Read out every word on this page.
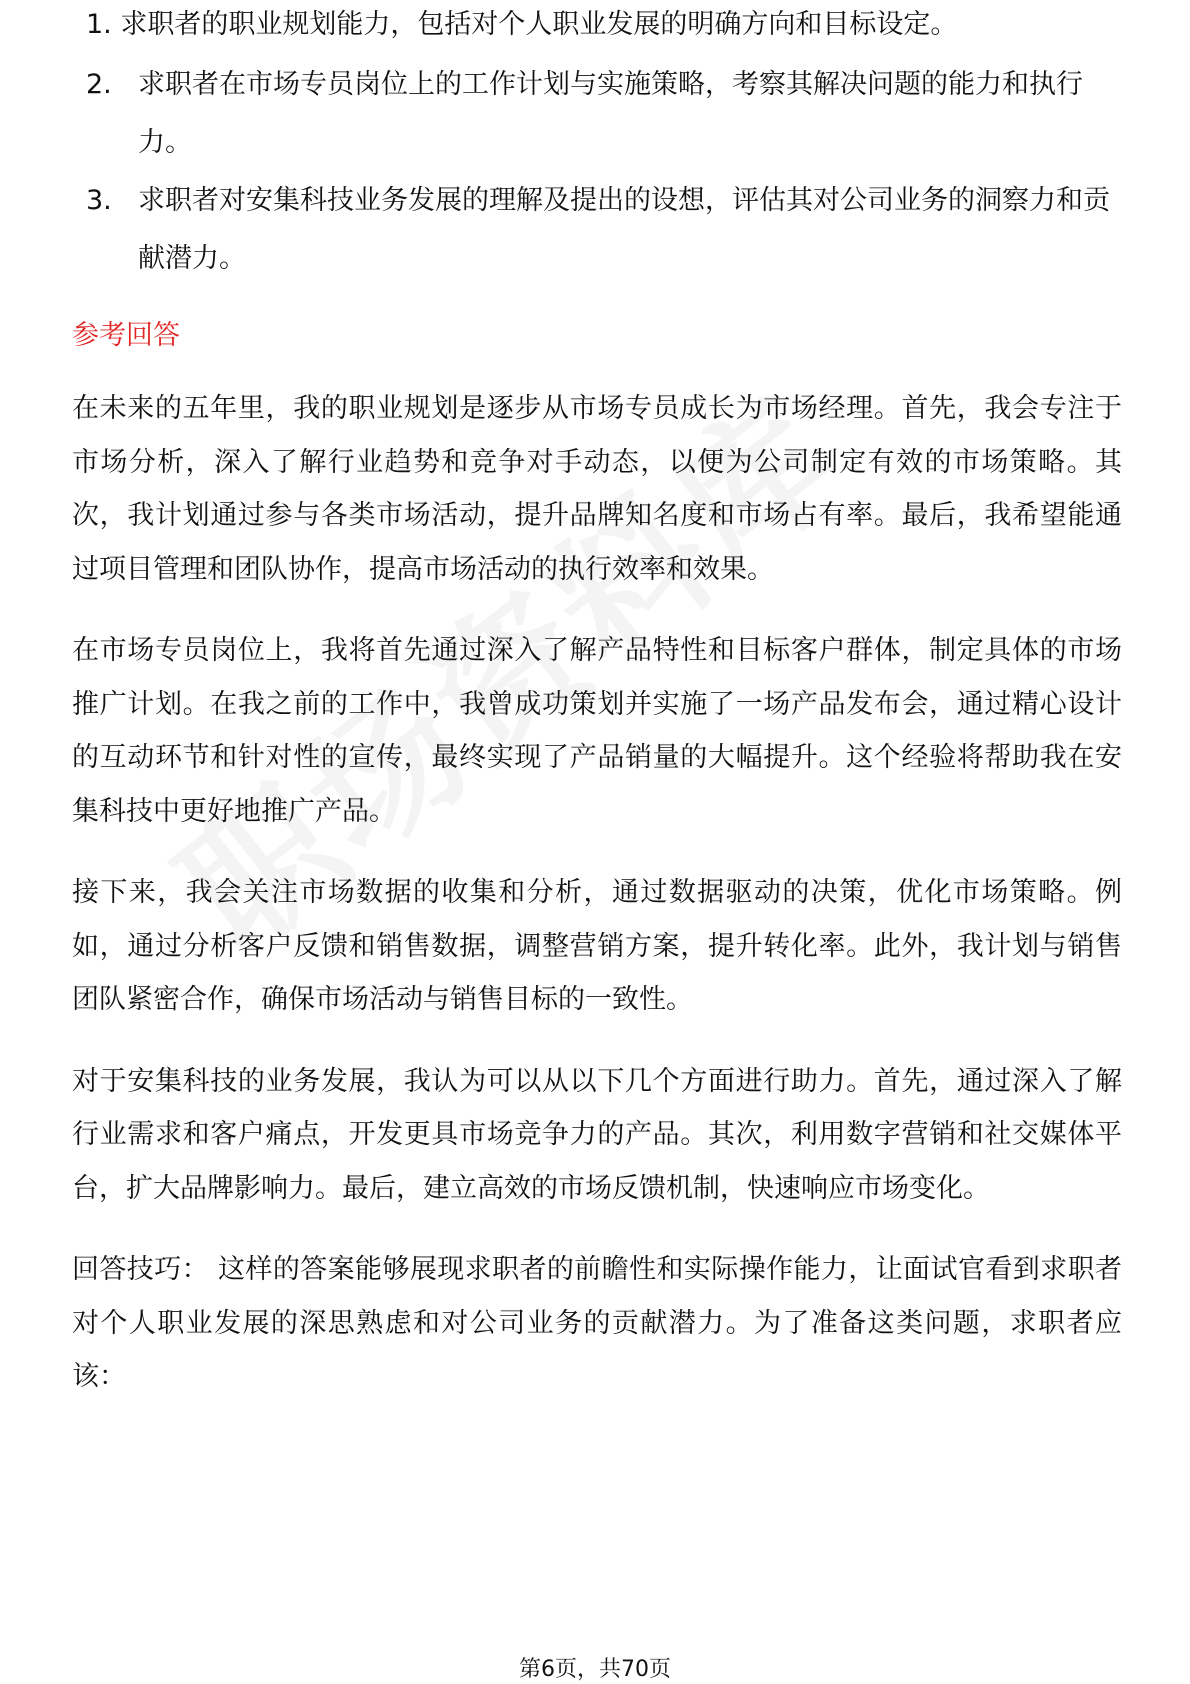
1. 求职者的职业规划能力，包括对个人职业发展的明确方向和目标设定。
2. 求职者在市场专员岗位上的工作计划与实施策略，考察其解决问题的能力和执行力。
3. 求职者对安集科技业务发展的理解及提出的设想，评估其对公司业务的洞察力和贡献潜力。
参考回答

在未来的五年里，我的职业规划是逐步从市场专员成长为市场经理。首先，我会专注于市场分析，深入了解行业趋势和竞争对手动态，以便为公司制定有效的市场策略。其次，我计划通过参与各类市场活动，提升品牌知名度和市场占有率。最后，我希望能通过项目管理和团队协作，提高市场活动的执行效率和效果。

在市场专员岗位上，我将首先通过深入了解产品特性和目标客户群体，制定具体的市场推广计划。在我之前的工作中，我曾成功策划并实施了一场产品发布会，通过精心设计的互动环节和针对性的宣传，最终实现了产品销量的大幅提升。这个经验将帮助我在安集科技中更好地推广产品。

接下来，我会关注市场数据的收集和分析，通过数据驱动的决策，优化市场策略。例如，通过分析客户反馈和销售数据，调整营销方案，提升转化率。此外，我计划与销售团队紧密合作，确保市场活动与销售目标的一致性。

对于安集科技的业务发展，我认为可以从以下几个方面进行助力。首先，通过深入了解行业需求和客户痛点，开发更具市场竞争力的产品。其次，利用数字营销和社交媒体平台，扩大品牌影响力。最后，建立高效的市场反馈机制，快速响应市场变化。

回答技巧： 这样的答案能够展现求职者的前瞻性和实际操作能力，让面试官看到求职者对个人职业发展的深思熟虑和对公司业务的贡献潜力。为了准备这类问题，求职者应该：

第6页，共70页
